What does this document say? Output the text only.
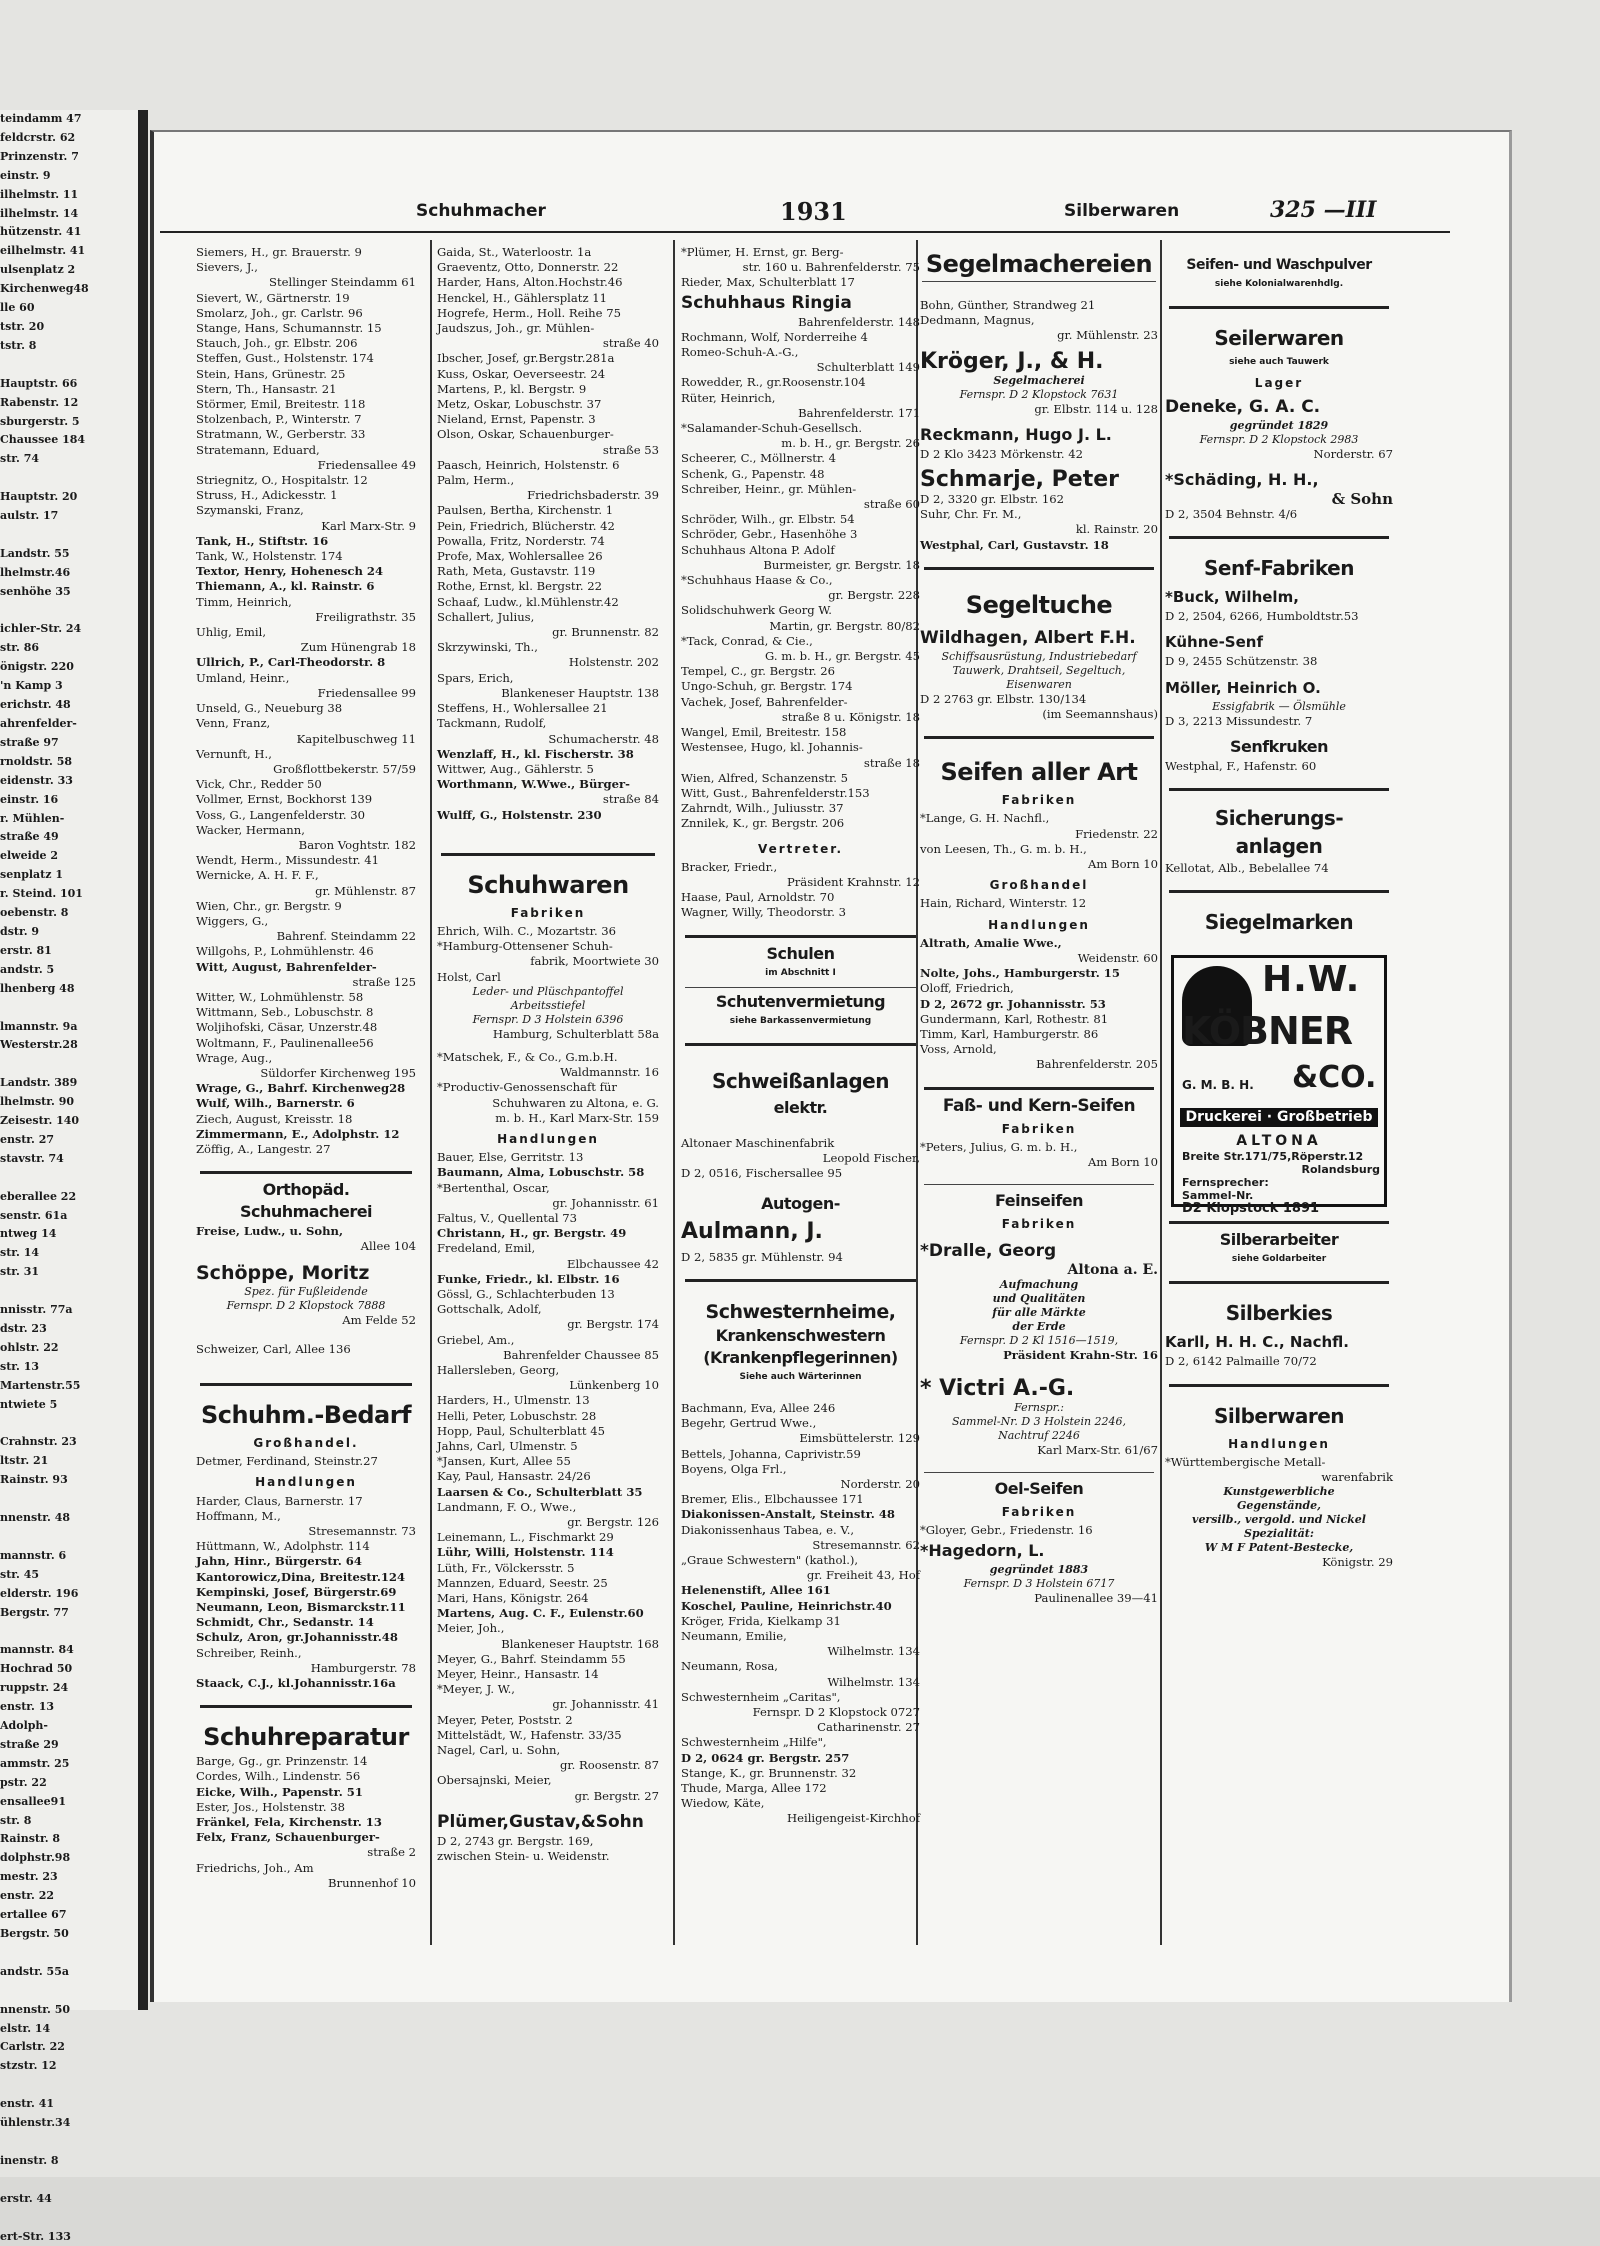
teindamm 47
feldcrstr. 62
Prinzenstr. 7
einstr. 9
ilhelmstr. 11
ilhelmstr. 14
hützenstr. 41
eilhelmstr. 41
ulsenplatz 2
Kirchenweg48
lle 60
tstr. 20
tstr. 8

Hauptstr. 66
Rabenstr. 12
sburgerstr. 5
Chaussee 184
str. 74

Hauptstr. 20
aulstr. 17

Landstr. 55
lhelmstr.46
senhöhe 35

ichler-Str. 24
str. 86
önigstr. 220
'n Kamp 3
erichstr. 48
ahrenfelder-
straße 97
rnoldstr. 58
eidenstr. 33
einstr. 16
r. Mühlen-
straße 49
elweide 2
senplatz 1
r. Steind. 101
oebenstr. 8
dstr. 9
erstr. 81
andstr. 5
lhenberg 48

lmannstr. 9a
Westerstr.28

Landstr. 389
lhelmstr. 90
Zeisestr. 140
enstr. 27
stavstr. 74

eberallee 22
senstr. 61a
ntweg 14
str. 14
str. 31

nnisstr. 77a
dstr. 23
ohlstr. 22
str. 13
Martenstr.55
ntwiete 5

Crahnstr. 23
ltstr. 21
Rainstr. 93

nnenstr. 48

mannstr. 6
str. 45
elderstr. 196
Bergstr. 77

mannstr. 84
Hochrad 50
ruppstr. 24
enstr. 13
Adolph-
straße 29
ammstr. 25
pstr. 22
ensallee91
str. 8
Rainstr. 8
dolphstr.98
mestr. 23
enstr. 22
ertallee 67
Bergstr. 50

andstr. 55a

nnenstr. 50
elstr. 14
Carlstr. 22
stzstr. 12

enstr. 41
ühlenstr.34

inenstr. 8

erstr. 44

ert-Str. 133
Schuhmacher	1931	Silberwaren	325 —III
Siemers, H., gr. Brauerstr. 9
Sievers, J.,
Stellinger Steindamm 61
Sievert, W., Gärtnerstr. 19
Smolarz, Joh., gr. Carlstr. 96
Stange, Hans, Schumannstr. 15
Stauch, Joh., gr. Elbstr. 206
Steffen, Gust., Holstenstr. 174
Stein, Hans, Grünestr. 25
Stern, Th., Hansastr. 21
Störmer, Emil, Breitestr. 118
Stolzenbach, P., Winterstr. 7
Stratmann, W., Gerberstr. 33
Stratemann, Eduard,
Friedensallee 49
Striegnitz, O., Hospitalstr. 12
Struss, H., Adickesstr. 1
Szymanski, Franz,
Karl Marx-Str. 9
Tank, H., Stiftstr. 16
Tank, W., Holstenstr. 174
Textor, Henry, Hohenesch 24
Thiemann, A., kl. Rainstr. 6
Timm, Heinrich,
Freiligrathstr. 35
Uhlig, Emil,
Zum Hünengrab 18
Ullrich, P., Carl-Theodorstr. 8
Umland, Heinr.,
Friedensallee 99
Unseld, G., Neueburg 38
Venn, Franz,
Kapitelbuschweg 11
Vernunft, H.,
Großflottbekerstr. 57/59
Vick, Chr., Redder 50
Vollmer, Ernst, Bockhorst 139
Voss, G., Langenfelderstr. 30
Wacker, Hermann,
Baron Voghtstr. 182
Wendt, Herm., Missundestr. 41
Wernicke, A. H. F. F.,
gr. Mühlenstr. 87
Wien, Chr., gr. Bergstr. 9
Wiggers, G.,
Bahrenf. Steindamm 22
Willgohs, P., Lohmühlenstr. 46
Witt, August, Bahrenfelder-
straße 125
Witter, W., Lohmühlenstr. 58
Wittmann, Seb., Lobuschstr. 8
Woljihofski, Cäsar, Unzerstr.48
Woltmann, F., Paulinenallee56
Wrage, Aug.,
Süldorfer Kirchenweg 195
Wrage, G., Bahrf. Kirchenweg28
Wulf, Wilh., Barnerstr. 6
Ziech, August, Kreisstr. 18
Zimmermann, E., Adolphstr. 12
Zöffig, A., Langestr. 27
Orthopäd.
Schuhmacherei
Freise, Ludw., u. Sohn,
Allee 104
Schöppe, Moritz
Spez. für Fußleidende
Fernspr. D 2 Klopstock 7888
Am Felde 52
Schweizer, Carl, Allee 136
Schuhm.-Bedarf
Großhandel.
Detmer, Ferdinand, Steinstr.27
Handlungen
Harder, Claus, Barnerstr. 17
Hoffmann, M.,
Stresemannstr. 73
Hüttmann, W., Adolphstr. 114
Jahn, Hinr., Bürgerstr. 64
Kantorowicz,Dina, Breitestr.124
Kempinski, Josef, Bürgerstr.69
Neumann, Leon, Bismarckstr.11
Schmidt, Chr., Sedanstr. 14
Schulz, Aron, gr.Johannisstr.48
Schreiber, Reinh.,
Hamburgerstr. 78
Staack, C.J., kl.Johannisstr.16a
Schuhreparatur
Barge, Gg., gr. Prinzenstr. 14
Cordes, Wilh., Lindenstr. 56
Eicke, Wilh., Papenstr. 51
Ester, Jos., Holstenstr. 38
Fränkel, Fela, Kirchenstr. 13
Felx, Franz, Schauenburger-
straße 2
Friedrichs, Joh., Am
Brunnenhof 10
Gaida, St., Waterloostr. 1a
Graeventz, Otto, Donnerstr. 22
Harder, Hans, Alton.Hochstr.46
Henckel, H., Gählersplatz 11
Hogrefe, Herm., Holl. Reihe 75
Jaudszus, Joh., gr. Mühlen-
straße 40
Ibscher, Josef, gr.Bergstr.281a
Kuss, Oskar, Oeverseestr. 24
Martens, P., kl. Bergstr. 9
Metz, Oskar, Lobuschstr. 37
Nieland, Ernst, Papenstr. 3
Olson, Oskar, Schauenburger-
straße 53
Paasch, Heinrich, Holstenstr. 6
Palm, Herm.,
Friedrichsbaderstr. 39
Paulsen, Bertha, Kirchenstr. 1
Pein, Friedrich, Blücherstr. 42
Powalla, Fritz, Norderstr. 74
Profe, Max, Wohlersallee 26
Rath, Meta, Gustavstr. 119
Rothe, Ernst, kl. Bergstr. 22
Schaaf, Ludw., kl.Mühlenstr.42
Schallert, Julius,
gr. Brunnenstr. 82
Skrzywinski, Th.,
Holstenstr. 202
Spars, Erich,
Blankeneser Hauptstr. 138
Steffens, H., Wohlersallee 21
Tackmann, Rudolf,
Schumacherstr. 48
Wenzlaff, H., kl. Fischerstr. 38
Wittwer, Aug., Gählerstr. 5
Worthmann, W.Wwe., Bürger-
straße 84
Wulff, G., Holstenstr. 230
Schuhwaren
Fabriken
Ehrich, Wilh. C., Mozartstr. 36
*Hamburg-Ottensener Schuh-
fabrik, Moortwiete 30
Holst, Carl
Leder- und Plüschpantoffel
Arbeitsstiefel
Fernspr. D 3 Holstein 6396
Hamburg, Schulterblatt 58a
*Matschek, F., & Co., G.m.b.H.
Waldmannstr. 16
*Productiv-Genossenschaft für
Schuhwaren zu Altona, e. G.
m. b. H., Karl Marx-Str. 159
Handlungen
Bauer, Else, Gerritstr. 13
Baumann, Alma, Lobuschstr. 58
*Bertenthal, Oscar,
gr. Johannisstr. 61
Faltus, V., Quellental 73
Christann, H., gr. Bergstr. 49
Fredeland, Emil,
Elbchaussee 42
Funke, Friedr., kl. Elbstr. 16
Gössl, G., Schlachterbuden 13
Gottschalk, Adolf,
gr. Bergstr. 174
Griebel, Am.,
Bahrenfelder Chaussee 85
Hallersleben, Georg,
Lünkenberg 10
Harders, H., Ulmenstr. 13
Helli, Peter, Lobuschstr. 28
Hopp, Paul, Schulterblatt 45
Jahns, Carl, Ulmenstr. 5
*Jansen, Kurt, Allee 55
Kay, Paul, Hansastr. 24/26
Laarsen & Co., Schulterblatt 35
Landmann, F. O., Wwe.,
gr. Bergstr. 126
Leinemann, L., Fischmarkt 29
Lühr, Willi, Holstenstr. 114
Lüth, Fr., Völckersstr. 5
Mannzen, Eduard, Seestr. 25
Mari, Hans, Königstr. 264
Martens, Aug. C. F., Eulenstr.60
Meier, Joh.,
Blankeneser Hauptstr. 168
Meyer, G., Bahrf. Steindamm 55
Meyer, Heinr., Hansastr. 14
*Meyer, J. W.,
gr. Johannisstr. 41
Meyer, Peter, Poststr. 2
Mittelstädt, W., Hafenstr. 33/35
Nagel, Carl, u. Sohn,
gr. Roosenstr. 87
Obersajnski, Meier,
gr. Bergstr. 27
Plümer,Gustav,&Sohn
D 2, 2743 gr. Bergstr. 169,
zwischen Stein- u. Weidenstr.
*Plümer, H. Ernst, gr. Berg-
str. 160 u. Bahrenfelderstr. 75
Rieder, Max, Schulterblatt 17
Schuhhaus Ringia
Bahrenfelderstr. 148
Rochmann, Wolf, Norderreihe 4
Romeo-Schuh-A.-G.,
Schulterblatt 149
Rowedder, R., gr.Roosenstr.104
Rüter, Heinrich,
Bahrenfelderstr. 171
*Salamander-Schuh-Gesellsch.
m. b. H., gr. Bergstr. 26
Scheerer, C., Möllnerstr. 4
Schenk, G., Papenstr. 48
Schreiber, Heinr., gr. Mühlen-
straße 60
Schröder, Wilh., gr. Elbstr. 54
Schröder, Gebr., Hasenhöhe 3
Schuhhaus Altona P. Adolf
Burmeister, gr. Bergstr. 18
*Schuhhaus Haase & Co.,
gr. Bergstr. 228
Solidschuhwerk Georg W.
Martin, gr. Bergstr. 80/82
*Tack, Conrad, & Cie.,
G. m. b. H., gr. Bergstr. 45
Tempel, C., gr. Bergstr. 26
Ungo-Schuh, gr. Bergstr. 174
Vachek, Josef, Bahrenfelder-
straße 8 u. Königstr. 18
Wangel, Emil, Breitestr. 158
Westensee, Hugo, kl. Johannis-
straße 18
Wien, Alfred, Schanzenstr. 5
Witt, Gust., Bahrenfelderstr.153
Zahrndt, Wilh., Juliusstr. 37
Znnilek, K., gr. Bergstr. 206
Vertreter.
Bracker, Friedr.,
Präsident Krahnstr. 12
Haase, Paul, Arnoldstr. 70
Wagner, Willy, Theodorstr. 3
Schulen
im Abschnitt I
Schutenvermietung
siehe Barkassenvermietung
Schweißanlagen
elektr.
Altonaer Maschinenfabrik
Leopold Fischer,
D 2, 0516, Fischersallee 95
Autogen-
Aulmann, J.
D 2, 5835 gr. Mühlenstr. 94
Schwesternheime,
Krankenschwestern
(Krankenpflegerinnen)
Siehe auch Wärterinnen
Bachmann, Eva, Allee 246
Begehr, Gertrud Wwe.,
Eimsbüttelerstr. 129
Bettels, Johanna, Caprivistr.59
Boyens, Olga Frl.,
Norderstr. 20
Bremer, Elis., Elbchaussee 171
Diakonissen-Anstalt, Steinstr. 48
Diakonissenhaus Tabea, e. V.,
Stresemannstr. 62
„Graue Schwestern" (kathol.),
gr. Freiheit 43, Hof
Helenenstift, Allee 161
Koschel, Pauline, Heinrichstr.40
Kröger, Frida, Kielkamp 31
Neumann, Emilie,
Wilhelmstr. 134
Neumann, Rosa,
Wilhelmstr. 134
Schwesternheim „Caritas",
Fernspr. D 2 Klopstock 0727
Catharinenstr. 27
Schwesternheim „Hilfe",
D 2, 0624 gr. Bergstr. 257
Stange, K., gr. Brunnenstr. 32
Thude, Marga, Allee 172
Wiedow, Käte,
Heiligengeist-Kirchhof
Segelmachereien
Bohn, Günther, Strandweg 21
Dedmann, Magnus,
gr. Mühlenstr. 23
Kröger, J., & H.
Segelmacherei
Fernspr. D 2 Klopstock 7631
gr. Elbstr. 114 u. 128
Reckmann, Hugo J. L.
D 2 Klo 3423 Mörkenstr. 42
Schmarje, Peter
D 2, 3320 gr. Elbstr. 162
Suhr, Chr. Fr. M.,
kl. Rainstr. 20
Westphal, Carl, Gustavstr. 18
Segeltuche
Wildhagen, Albert F.H.
Schiffsausrüstung, Industriebedarf
Tauwerk, Drahtseil, Segeltuch,
Eisenwaren
D 2 2763 gr. Elbstr. 130/134
(im Seemannshaus)
Seifen aller Art
Fabriken
*Lange, G. H. Nachfl.,
Friedenstr. 22
von Leesen, Th., G. m. b. H.,
Am Born 10
Großhandel
Hain, Richard, Winterstr. 12
Handlungen
Altrath, Amalie Wwe.,
Weidenstr. 60
Nolte, Johs., Hamburgerstr. 15
Oloff, Friedrich,
D 2, 2672 gr. Johannisstr. 53
Gundermann, Karl, Rothestr. 81
Timm, Karl, Hamburgerstr. 86
Voss, Arnold,
Bahrenfelderstr. 205
Faß- und Kern-Seifen
Fabriken
*Peters, Julius, G. m. b. H.,
Am Born 10
Feinseifen
Fabriken
*Dralle, Georg
Altona a. E.
Aufmachung
und Qualitäten
für alle Märkte
der Erde
Fernspr. D 2 Kl 1516—1519,
Präsident Krahn-Str. 16
* Victri A.-G.
Fernspr.:
Sammel-Nr. D 3 Holstein 2246,
Nachtruf 2246
Karl Marx-Str. 61/67
Oel-Seifen
Fabriken
*Gloyer, Gebr., Friedenstr. 16
*Hagedorn, L.
gegründet 1883
Fernspr. D 3 Holstein 6717
Paulinenallee 39—41
Seifen- und Waschpulver
siehe Kolonialwarenhdlg.
Seilerwaren
siehe auch Tauwerk
Lager
Deneke, G. A. C.
gegründet 1829
Fernspr. D 2 Klopstock 2983
Norderstr. 67
*Schäding, H. H.,
& Sohn
D 2, 3504 Behnstr. 4/6
Senf-Fabriken
*Buck, Wilhelm,
D 2, 2504, 6266, Humboldtstr.53
Kühne-Senf
D 9, 2455 Schützenstr. 38
Möller, Heinrich O.
Essigfabrik — Ölsmühle
D 3, 2213 Missundestr. 7
Senfkruken
Westphal, F., Hafenstr. 60
Sicherungs-
anlagen
Kellotat, Alb., Bebelallee 74
Siegelmarken
H.W.
KÖBNER
G. M. B. H. &CO.
Druckerei · Großbetrieb
ALTONA
Breite Str.171/75,Röperstr.12
Rolandsburg
Fernsprecher:
Sammel-Nr.
D2 Klopstock 1891
Silberarbeiter
siehe Goldarbeiter
Silberkies
Karll, H. H. C., Nachfl.
D 2, 6142 Palmaille 70/72
Silberwaren
Handlungen
*Württembergische Metall-
warenfabrik
Kunstgewerbliche
Gegenstände,
versilb., vergold. und Nickel
Spezialität:
W M F Patent-Bestecke,
Königstr. 29
